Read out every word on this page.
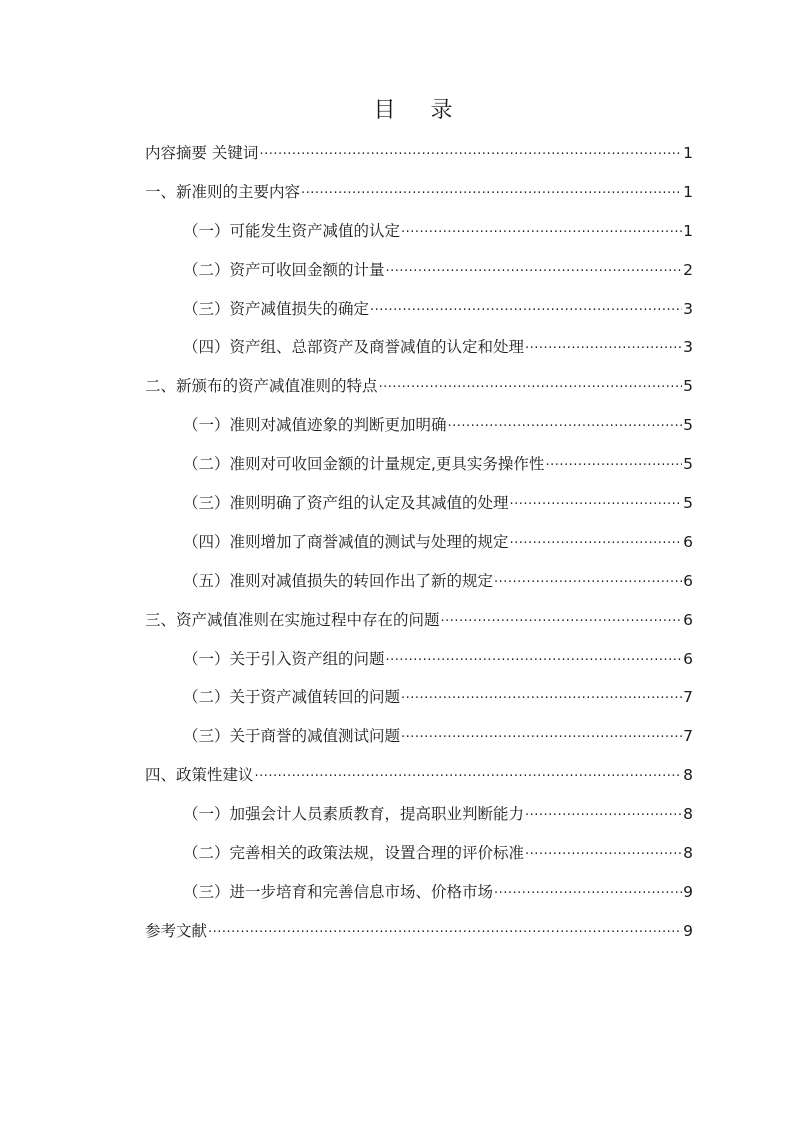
目 录
内容摘要 关键词 ·····	1
一、新准则的主要内容 ·····	1
（一）可能发生资产减值的认定 ·····	1
（二）资产可收回金额的计量 ·····	2
（三）资产减值损失的确定 ·····	3
（四）资产组、总部资产及商誉减值的认定和处理 ·····	3
二、新颁布的资产减值准则的特点 ·····	5
（一）准则对减值迹象的判断更加明确 ·····	5
（二）准则对可收回金额的计量规定,更具实务操作性 ·····	5
（三）准则明确了资产组的认定及其减值的处理 ·····	5
（四）准则增加了商誉减值的测试与处理的规定 ·····	6
（五）准则对减值损失的转回作出了新的规定 ·····	6
三、资产减值准则在实施过程中存在的问题 ·····	6
（一）关于引入资产组的问题 ·····	6
（二）关于资产减值转回的问题 ·····	7
（三）关于商誉的减值测试问题 ·····	7
四、政策性建议 ·····	8
（一）加强会计人员素质教育，提高职业判断能力 ·····	8
（二）完善相关的政策法规，设置合理的评价标准 ·····	8
（三）进一步培育和完善信息市场、价格市场 ·····	9
参考文献 ·····	9
